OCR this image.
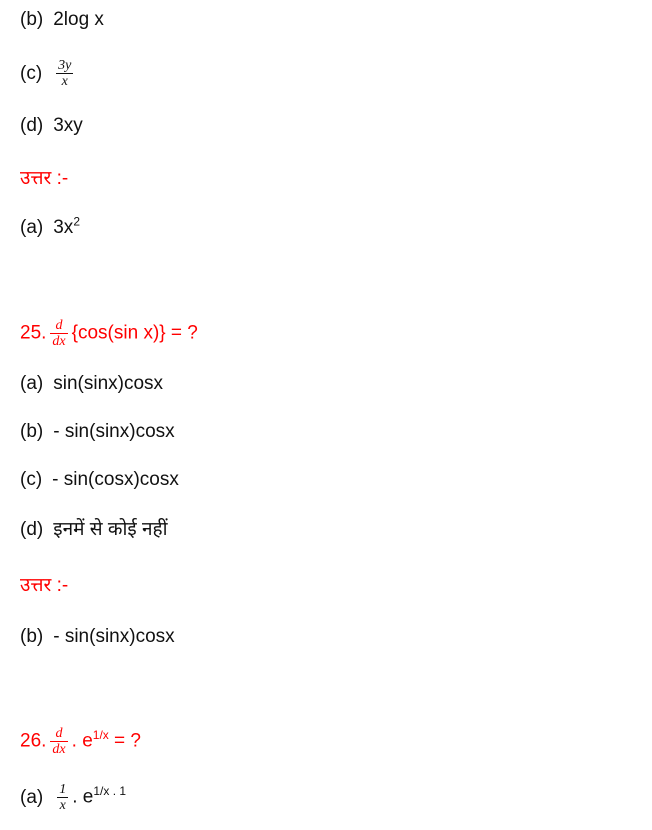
(b) 2log x
$(c) \frac{3y}{x}$
(d) 3xy
उत्तर :-
(a) $3x^2$
25. $\frac{d}{dx} \{\cos(\sin$ x)} = ?
(a) sin(sinx)cosx
(b) - sin(sinx)cosx
(c) - sin(cosx)cosx
(d) इनमें से कोई नहीं
उत्तर :-
(b) - sin(sinx)cosx
26. $\frac{d}{dx}$ . $e^{1/x}$ = ?
$(a) \frac{1}{x}$ . $e^{1/x . 1}$
